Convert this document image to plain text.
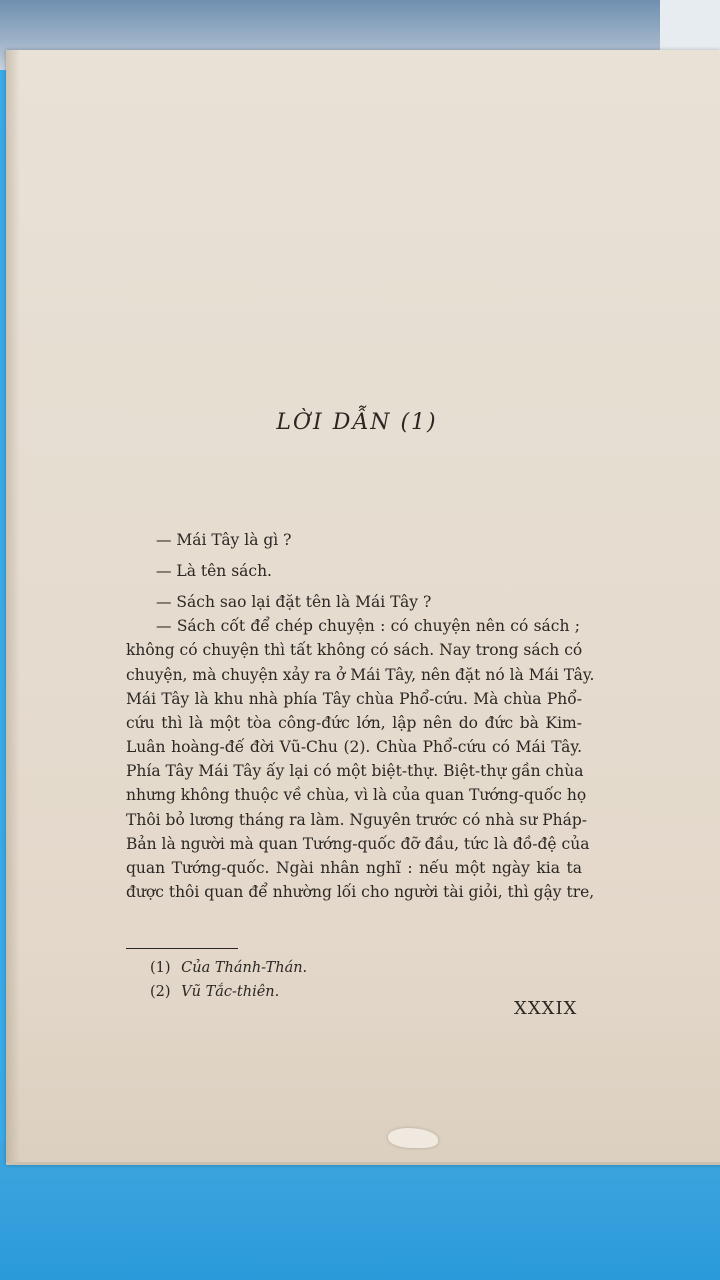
LỜI DẪN (1)
— Mái Tây là gì ?
— Là tên sách.
— Sách sao lại đặt tên là Mái Tây ?
— Sách cốt để chép chuyện : có chuyện nên có sách ;
không có chuyện thì tất không có sách. Nay trong sách có
chuyện, mà chuyện xảy ra ở Mái Tây, nên đặt nó là Mái Tây.
Mái Tây là khu nhà phía Tây chùa Phổ-cứu. Mà chùa Phổ-
cứu thì là một tòa công-đức lớn, lập nên do đức bà Kim-
Luân hoàng-đế đời Vũ-Chu (2). Chùa Phổ-cứu có Mái Tây.
Phía Tây Mái Tây ấy lại có một biệt-thự. Biệt-thự gần chùa
nhưng không thuộc về chùa, vì là của quan Tướng-quốc họ
Thôi bỏ lương tháng ra làm. Nguyên trước có nhà sư Pháp-
Bản là người mà quan Tướng-quốc đỡ đầu, tức là đồ-đệ của
quan Tướng-quốc. Ngài nhân nghĩ : nếu một ngày kia ta
được thôi quan để nhường lối cho người tài giỏi, thì gậy tre,
(1) Của Thánh-Thán.
(2) Vũ Tắc-thiên.
XXXIX
